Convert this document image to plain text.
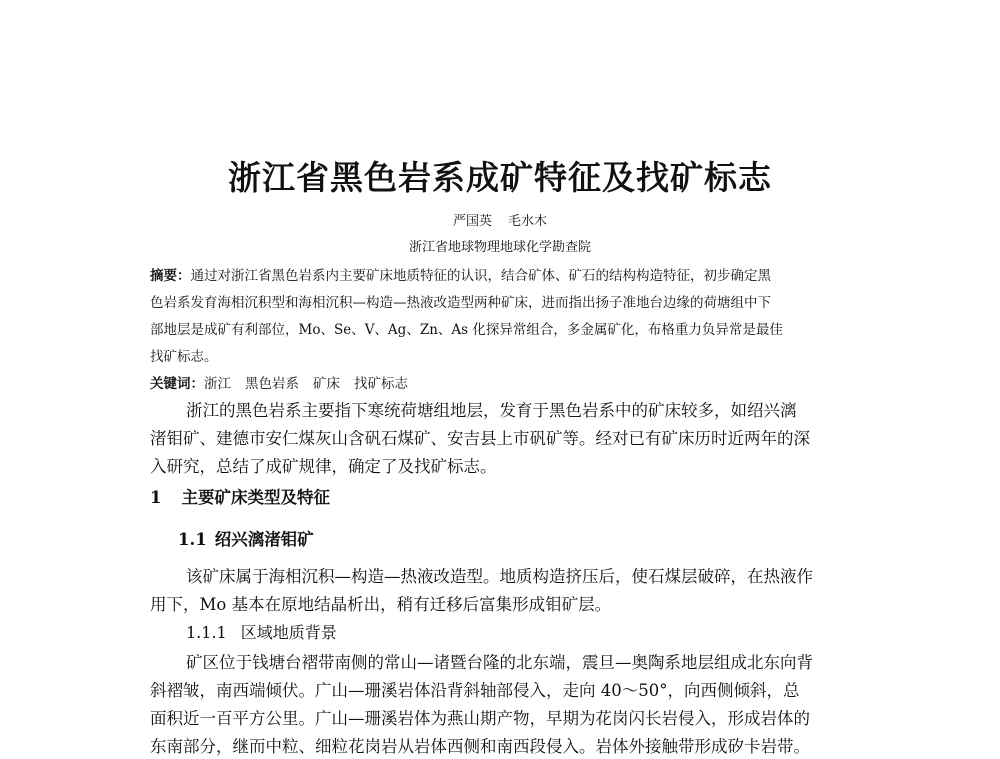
浙江省黑色岩系成矿特征及找矿标志
严国英 毛水木
浙江省地球物理地球化学勘查院
摘要：通过对浙江省黑色岩系内主要矿床地质特征的认识，结合矿体、矿石的结构构造特征，初步确定黑
色岩系发育海相沉积型和海相沉积—构造—热液改造型两种矿床，进而指出扬子准地台边缘的荷塘组中下
部地层是成矿有利部位，Mo、Se、V、Ag、Zn、As 化探异常组合，多金属矿化，布格重力负异常是最佳
找矿标志。
关键词：浙江 黑色岩系 矿床 找矿标志
浙江的黑色岩系主要指下寒统荷塘组地层，发育于黑色岩系中的矿床较多，如绍兴漓
渚钼矿、建德市安仁煤灰山含矾石煤矿、安吉县上市矾矿等。经对已有矿床历时近两年的深
入研究，总结了成矿规律，确定了及找矿标志。
1 主要矿床类型及特征
1.1 绍兴漓渚钼矿
该矿床属于海相沉积—构造—热液改造型。地质构造挤压后，使石煤层破碎，在热液作
用下，Mo 基本在原地结晶析出，稍有迁移后富集形成钼矿层。
1.1.1 区域地质背景
矿区位于钱塘台褶带南侧的常山—诸暨台隆的北东端，震旦—奥陶系地层组成北东向背
斜褶皱，南西端倾伏。广山—珊溪岩体沿背斜轴部侵入，走向 40～50°，向西侧倾斜，总
面积近一百平方公里。广山—珊溪岩体为燕山期产物，早期为花岗闪长岩侵入，形成岩体的
东南部分，继而中粒、细粒花岗岩从岩体西侧和南西段侵入。岩体外接触带形成矽卡岩带。
